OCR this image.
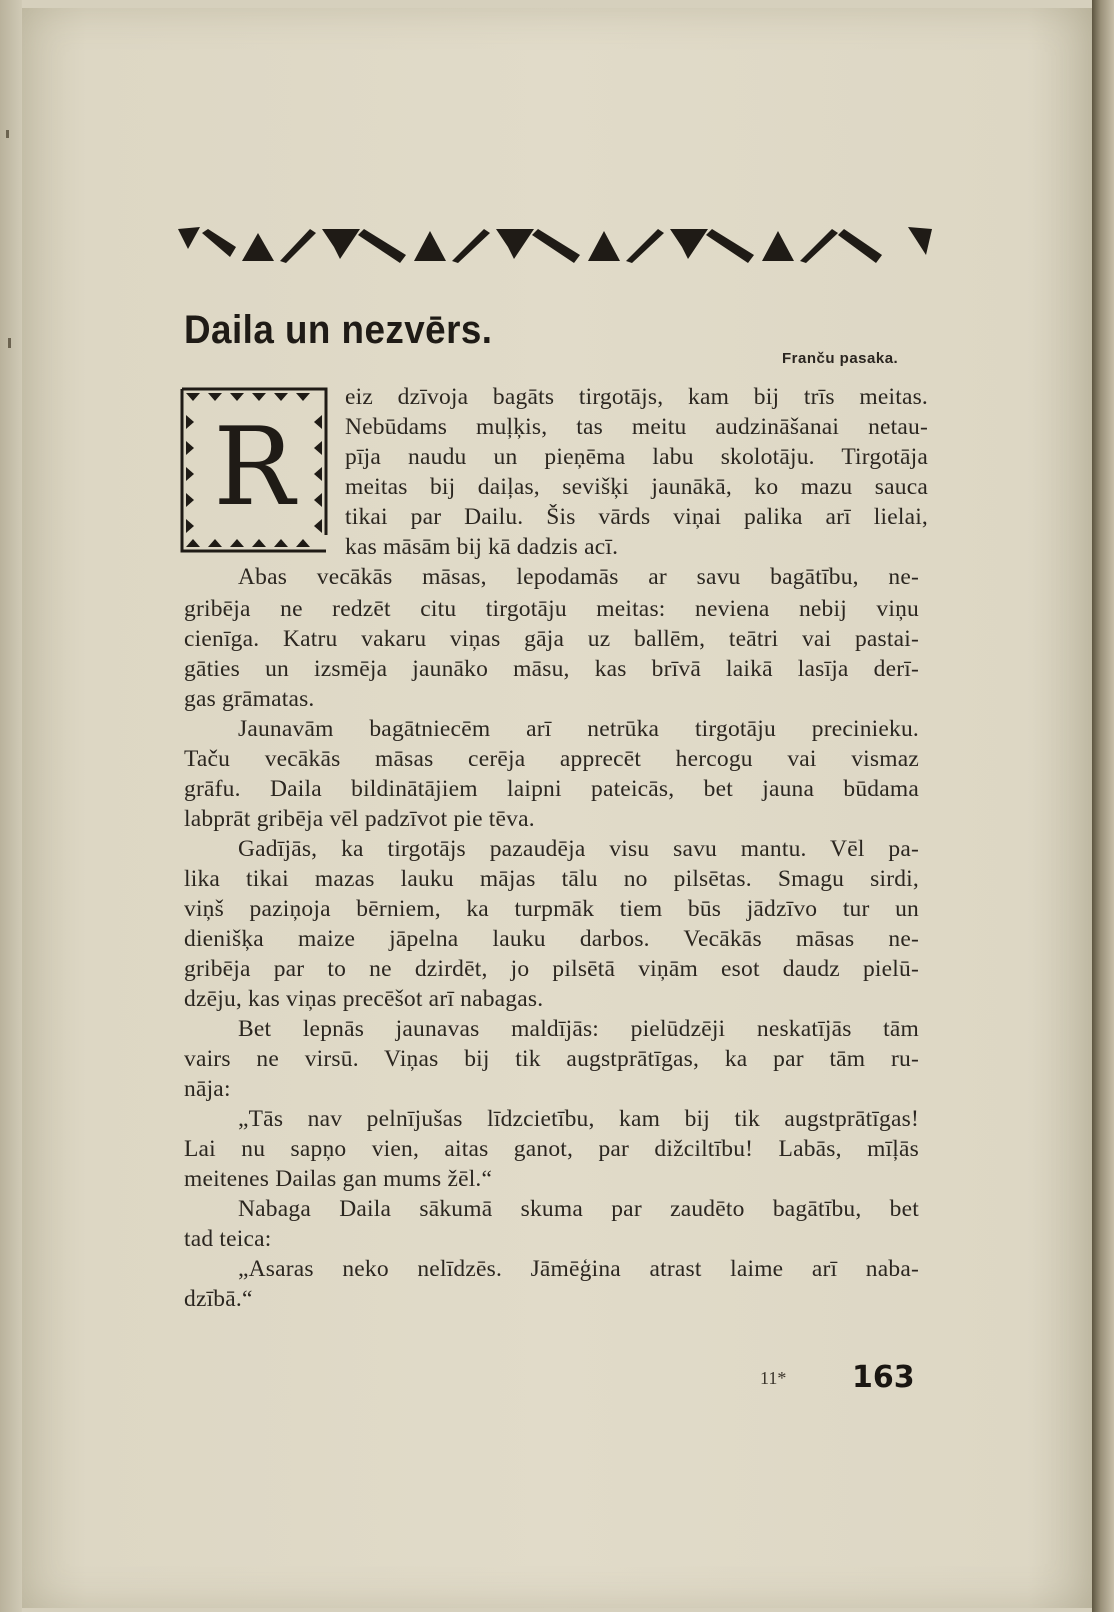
Daila un nezvērs.
Franču pasaka.
R
eiz dzīvoja bagāts tirgotājs, kam bij trīs meitas.
Nebūdams muļķis, tas meitu audzināšanai netau-
pīja naudu un pieņēma labu skolotāju. Tirgotāja
meitas bij daiļas, sevišķi jaunākā, ko mazu sauca
tikai par Dailu. Šis vārds viņai palika arī lielai,
kas māsām bij kā dadzis acī.
Abas vecākās māsas, lepodamās ar savu bagātību, ne-
gribēja ne redzēt citu tirgotāju meitas: neviena nebij viņu
cienīga. Katru vakaru viņas gāja uz ballēm, teātri vai pastai-
gāties un izsmēja jaunāko māsu, kas brīvā laikā lasīja derī-
gas grāmatas.
Jaunavām bagātniecēm arī netrūka tirgotāju precinieku.
Taču vecākās māsas cerēja apprecēt hercogu vai vismaz
grāfu. Daila bildinātājiem laipni pateicās, bet jauna būdama
labprāt gribēja vēl padzīvot pie tēva.
Gadījās, ka tirgotājs pazaudēja visu savu mantu. Vēl pa-
lika tikai mazas lauku mājas tālu no pilsētas. Smagu sirdi,
viņš paziņoja bērniem, ka turpmāk tiem būs jādzīvo tur un
dienišķa maize jāpelna lauku darbos. Vecākās māsas ne-
gribēja par to ne dzirdēt, jo pilsētā viņām esot daudz pielū-
dzēju, kas viņas precēšot arī nabagas.
Bet lepnās jaunavas maldījās: pielūdzēji neskatījās tām
vairs ne virsū. Viņas bij tik augstprātīgas, ka par tām ru-
nāja:
„Tās nav pelnījušas līdzcietību, kam bij tik augstprātīgas!
Lai nu sapņo vien, aitas ganot, par dižciltību! Labās, mīļās
meitenes Dailas gan mums žēl.“
Nabaga Daila sākumā skuma par zaudēto bagātību, bet
tad teica:
„Asaras neko nelīdzēs. Jāmēģina atrast laime arī naba-
dzībā.“
11* 163
